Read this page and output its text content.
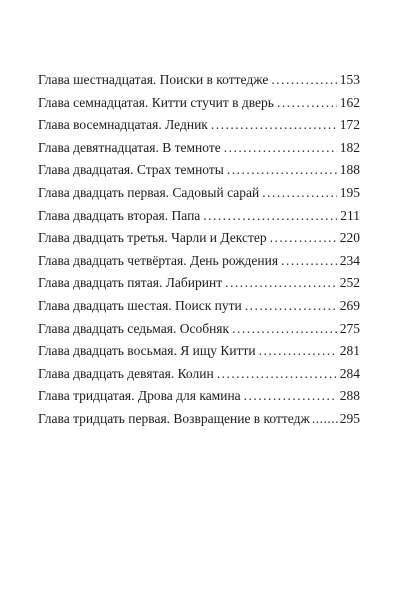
Глава шестнадцатая. Поиски в коттедже .....	153
Глава семнадцатая. Китти стучит в дверь .....	162
Глава восемнадцатая. Ледник .....	172
Глава девятнадцатая. В темноте .....	182
Глава двадцатая. Страх темноты .....	188
Глава двадцать первая. Садовый сарай .....	195
Глава двадцать вторая. Папа .....	211
Глава двадцать третья. Чарли и Декстер .....	220
Глава двадцать четвёртая. День рождения .....	234
Глава двадцать пятая. Лабиринт .....	252
Глава двадцать шестая. Поиск пути .....	269
Глава двадцать седьмая. Особняк .....	275
Глава двадцать восьмая. Я ищу Китти .....	281
Глава двадцать девятая. Колин .....	284
Глава тридцатая. Дрова для камина .....	288
Глава тридцать первая. Возвращение в коттедж ..... 295
